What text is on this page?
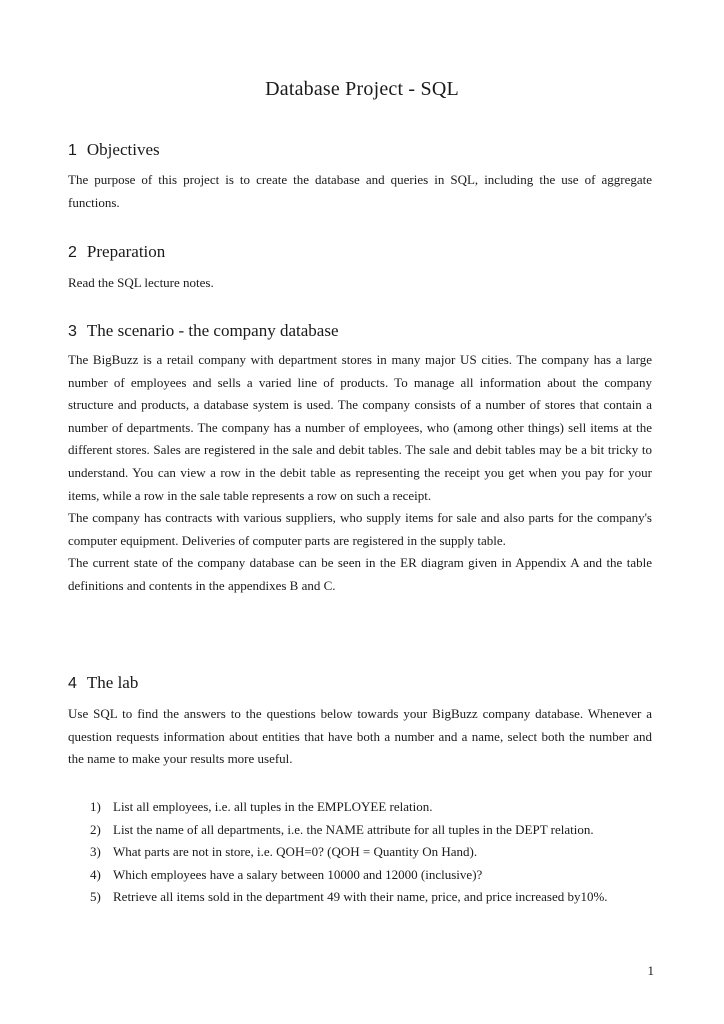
Database Project - SQL
1 Objectives

The purpose of this project is to create the database and queries in SQL, including the use of aggregate functions.

2 Preparation

Read the SQL lecture notes.

3 The scenario - the company database

The BigBuzz is a retail company with department stores in many major US cities. The company has a large number of employees and sells a varied line of products. To manage all information about the company structure and products, a database system is used. The company consists of a number of stores that contain a number of departments. The company has a number of employees, who (among other things) sell items at the different stores. Sales are registered in the sale and debit tables. The sale and debit tables may be a bit tricky to understand. You can view a row in the debit table as representing the receipt you get when you pay for your items, while a row in the sale table represents a row on such a receipt.

The company has contracts with various suppliers, who supply items for sale and also parts for the company's computer equipment. Deliveries of computer parts are registered in the supply table.

The current state of the company database can be seen in the ER diagram given in Appendix A and the table definitions and contents in the appendixes B and C.

4 The lab

Use SQL to find the answers to the questions below towards your BigBuzz company database. Whenever a question requests information about entities that have both a number and a name, select both the number and the name to make your results more useful.

1) List all employees, i.e. all tuples in the EMPLOYEE relation.
2) List the name of all departments, i.e. the NAME attribute for all tuples in the DEPT relation.
3) What parts are not in store, i.e. QOH=0? (QOH = Quantity On Hand).
4) Which employees have a salary between 10000 and 12000 (inclusive)?
5) Retrieve all items sold in the department 49 with their name, price, and price increased by10%.
1
